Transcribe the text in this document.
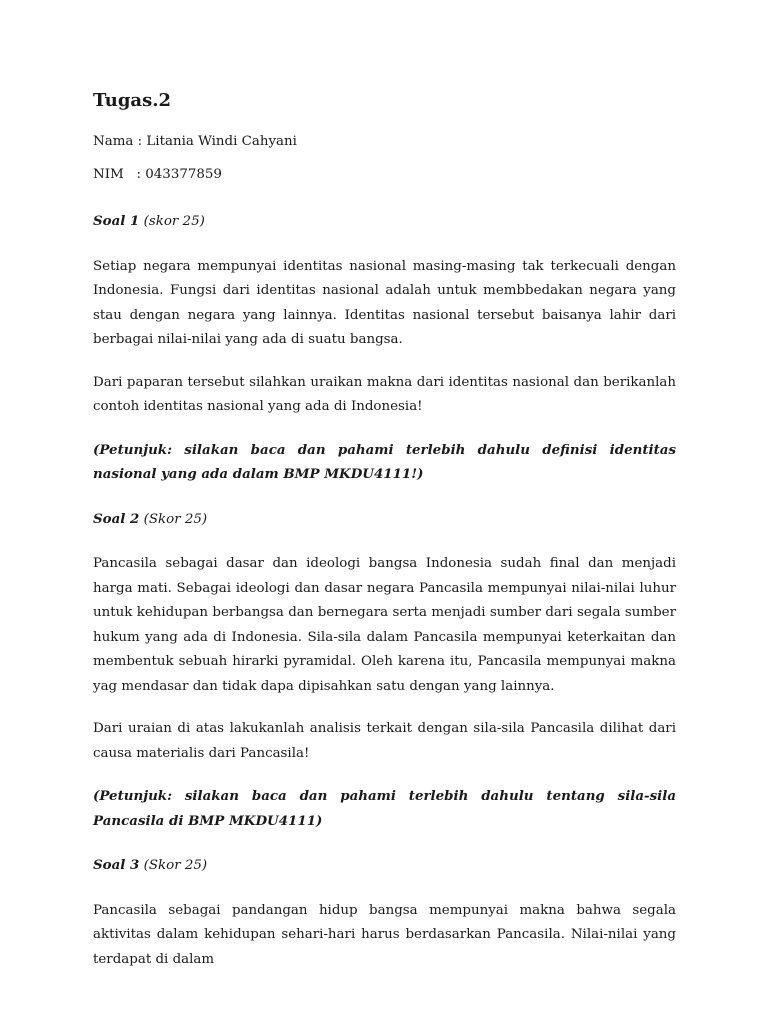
Tugas.2
Nama : Litania Windi Cahyani
NIM   : 043377859
Soal 1 (skor 25)

Setiap negara mempunyai identitas nasional masing-masing tak terkecuali dengan Indonesia. Fungsi dari identitas nasional adalah untuk membbedakan negara yang stau dengan negara yang lainnya. Identitas nasional tersebut baisanya lahir dari berbagai nilai-nilai yang ada di suatu bangsa.

Dari paparan tersebut silahkan uraikan makna dari identitas nasional dan berikanlah contoh identitas nasional yang ada di Indonesia!

(Petunjuk: silakan baca dan pahami terlebih dahulu definisi identitas nasional yang ada dalam BMP MKDU4111!)

Soal 2 (Skor 25)

Pancasila sebagai dasar dan ideologi bangsa Indonesia sudah final dan menjadi harga mati. Sebagai ideologi dan dasar negara Pancasila mempunyai nilai-nilai luhur untuk kehidupan berbangsa dan bernegara serta menjadi sumber dari segala sumber hukum yang ada di Indonesia. Sila-sila dalam Pancasila mempunyai keterkaitan dan membentuk sebuah hirarki pyramidal. Oleh karena itu, Pancasila mempunyai makna yag mendasar dan tidak dapa dipisahkan satu dengan yang lainnya.

Dari uraian di atas lakukanlah analisis terkait dengan sila-sila Pancasila dilihat dari causa materialis dari Pancasila!

(Petunjuk: silakan baca dan pahami terlebih dahulu tentang sila-sila Pancasila di BMP MKDU4111)

Soal 3 (Skor 25)

Pancasila sebagai pandangan hidup bangsa mempunyai makna bahwa segala aktivitas dalam kehidupan sehari-hari harus berdasarkan Pancasila. Nilai-nilai yang terdapat di dalam
